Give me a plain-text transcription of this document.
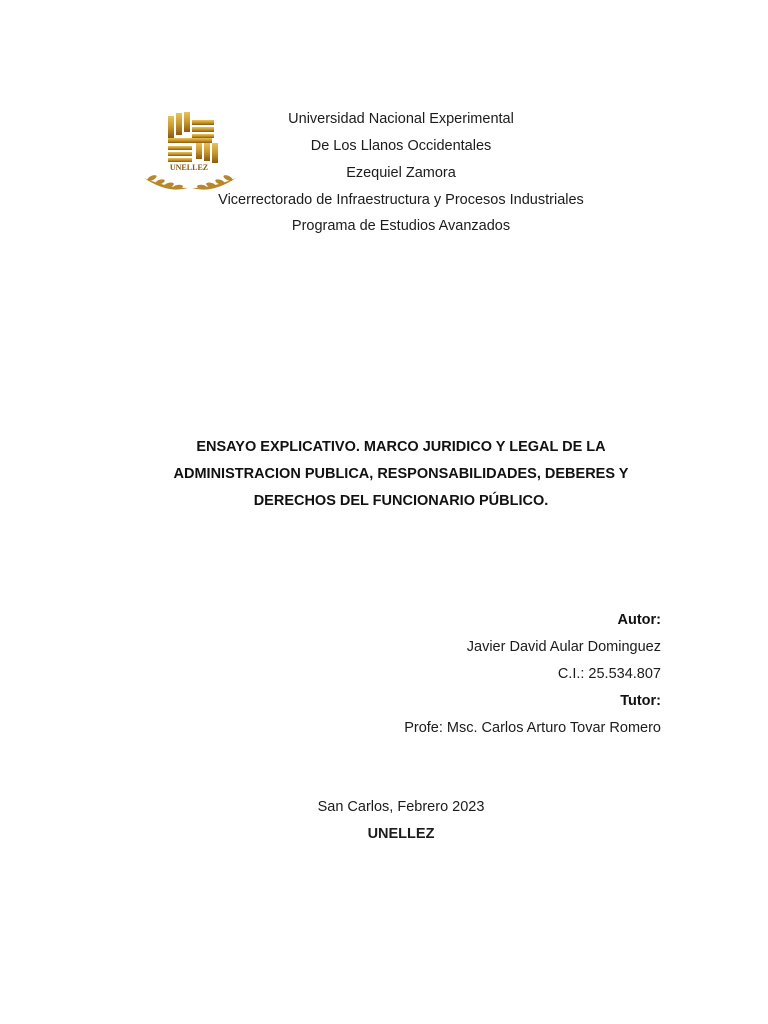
UNELLEZ
Universidad Nacional Experimental
De Los Llanos Occidentales
Ezequiel Zamora
Vicerrectorado de Infraestructura y Procesos Industriales
Programa de Estudios Avanzados
ENSAYO EXPLICATIVO. MARCO JURIDICO Y LEGAL DE LA
ADMINISTRACION PUBLICA, RESPONSABILIDADES, DEBERES Y
DERECHOS DEL FUNCIONARIO PÚBLICO.
Autor:
Javier David Aular Dominguez
C.I.: 25.534.807
Tutor:
Profe: Msc. Carlos Arturo Tovar Romero
San Carlos, Febrero 2023
UNELLEZ
